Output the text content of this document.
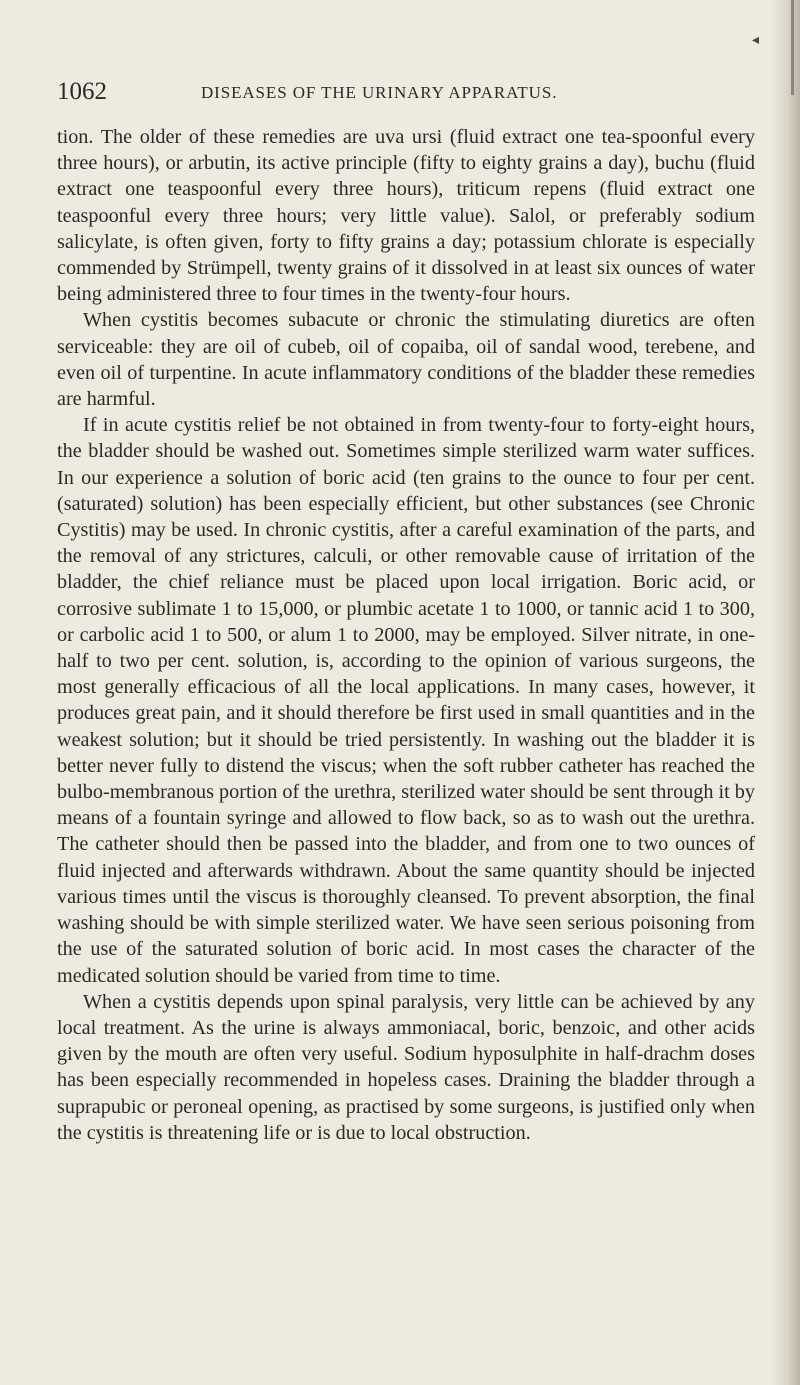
◂
1062	DISEASES OF THE URINARY APPARATUS.

tion. The older of these remedies are uva ursi (fluid extract one tea-spoonful every three hours), or arbutin, its active principle (fifty to eighty grains a day), buchu (fluid extract one teaspoonful every three hours), triticum repens (fluid extract one teaspoonful every three hours; very little value). Salol, or preferably sodium salicylate, is often given, forty to fifty grains a day; potassium chlorate is especially commended by Strümpell, twenty grains of it dissolved in at least six ounces of water being administered three to four times in the twenty-four hours.

When cystitis becomes subacute or chronic the stimulating diuretics are often serviceable: they are oil of cubeb, oil of copaiba, oil of sandal wood, terebene, and even oil of turpentine. In acute inflammatory conditions of the bladder these remedies are harmful.

If in acute cystitis relief be not obtained in from twenty-four to forty-eight hours, the bladder should be washed out. Sometimes simple sterilized warm water suffices. In our experience a solution of boric acid (ten grains to the ounce to four per cent. (saturated) solution) has been especially efficient, but other substances (see Chronic Cystitis) may be used. In chronic cystitis, after a careful examination of the parts, and the removal of any strictures, calculi, or other removable cause of irritation of the bladder, the chief reliance must be placed upon local irrigation. Boric acid, or corrosive sublimate 1 to 15,000, or plumbic acetate 1 to 1000, or tannic acid 1 to 300, or carbolic acid 1 to 500, or alum 1 to 2000, may be employed. Silver nitrate, in one-half to two per cent. solution, is, according to the opinion of various surgeons, the most generally efficacious of all the local applications. In many cases, however, it produces great pain, and it should therefore be first used in small quantities and in the weakest solution; but it should be tried persistently. In washing out the bladder it is better never fully to distend the viscus; when the soft rubber catheter has reached the bulbo-membranous portion of the urethra, sterilized water should be sent through it by means of a fountain syringe and allowed to flow back, so as to wash out the urethra. The catheter should then be passed into the bladder, and from one to two ounces of fluid injected and afterwards withdrawn. About the same quantity should be injected various times until the viscus is thoroughly cleansed. To prevent absorption, the final washing should be with simple sterilized water. We have seen serious poisoning from the use of the saturated solution of boric acid. In most cases the character of the medicated solution should be varied from time to time.

When a cystitis depends upon spinal paralysis, very little can be achieved by any local treatment. As the urine is always ammoniacal, boric, benzoic, and other acids given by the mouth are often very useful. Sodium hyposulphite in half-drachm doses has been especially recommended in hopeless cases. Draining the bladder through a suprapubic or peroneal opening, as practised by some surgeons, is justified only when the cystitis is threatening life or is due to local obstruction.
